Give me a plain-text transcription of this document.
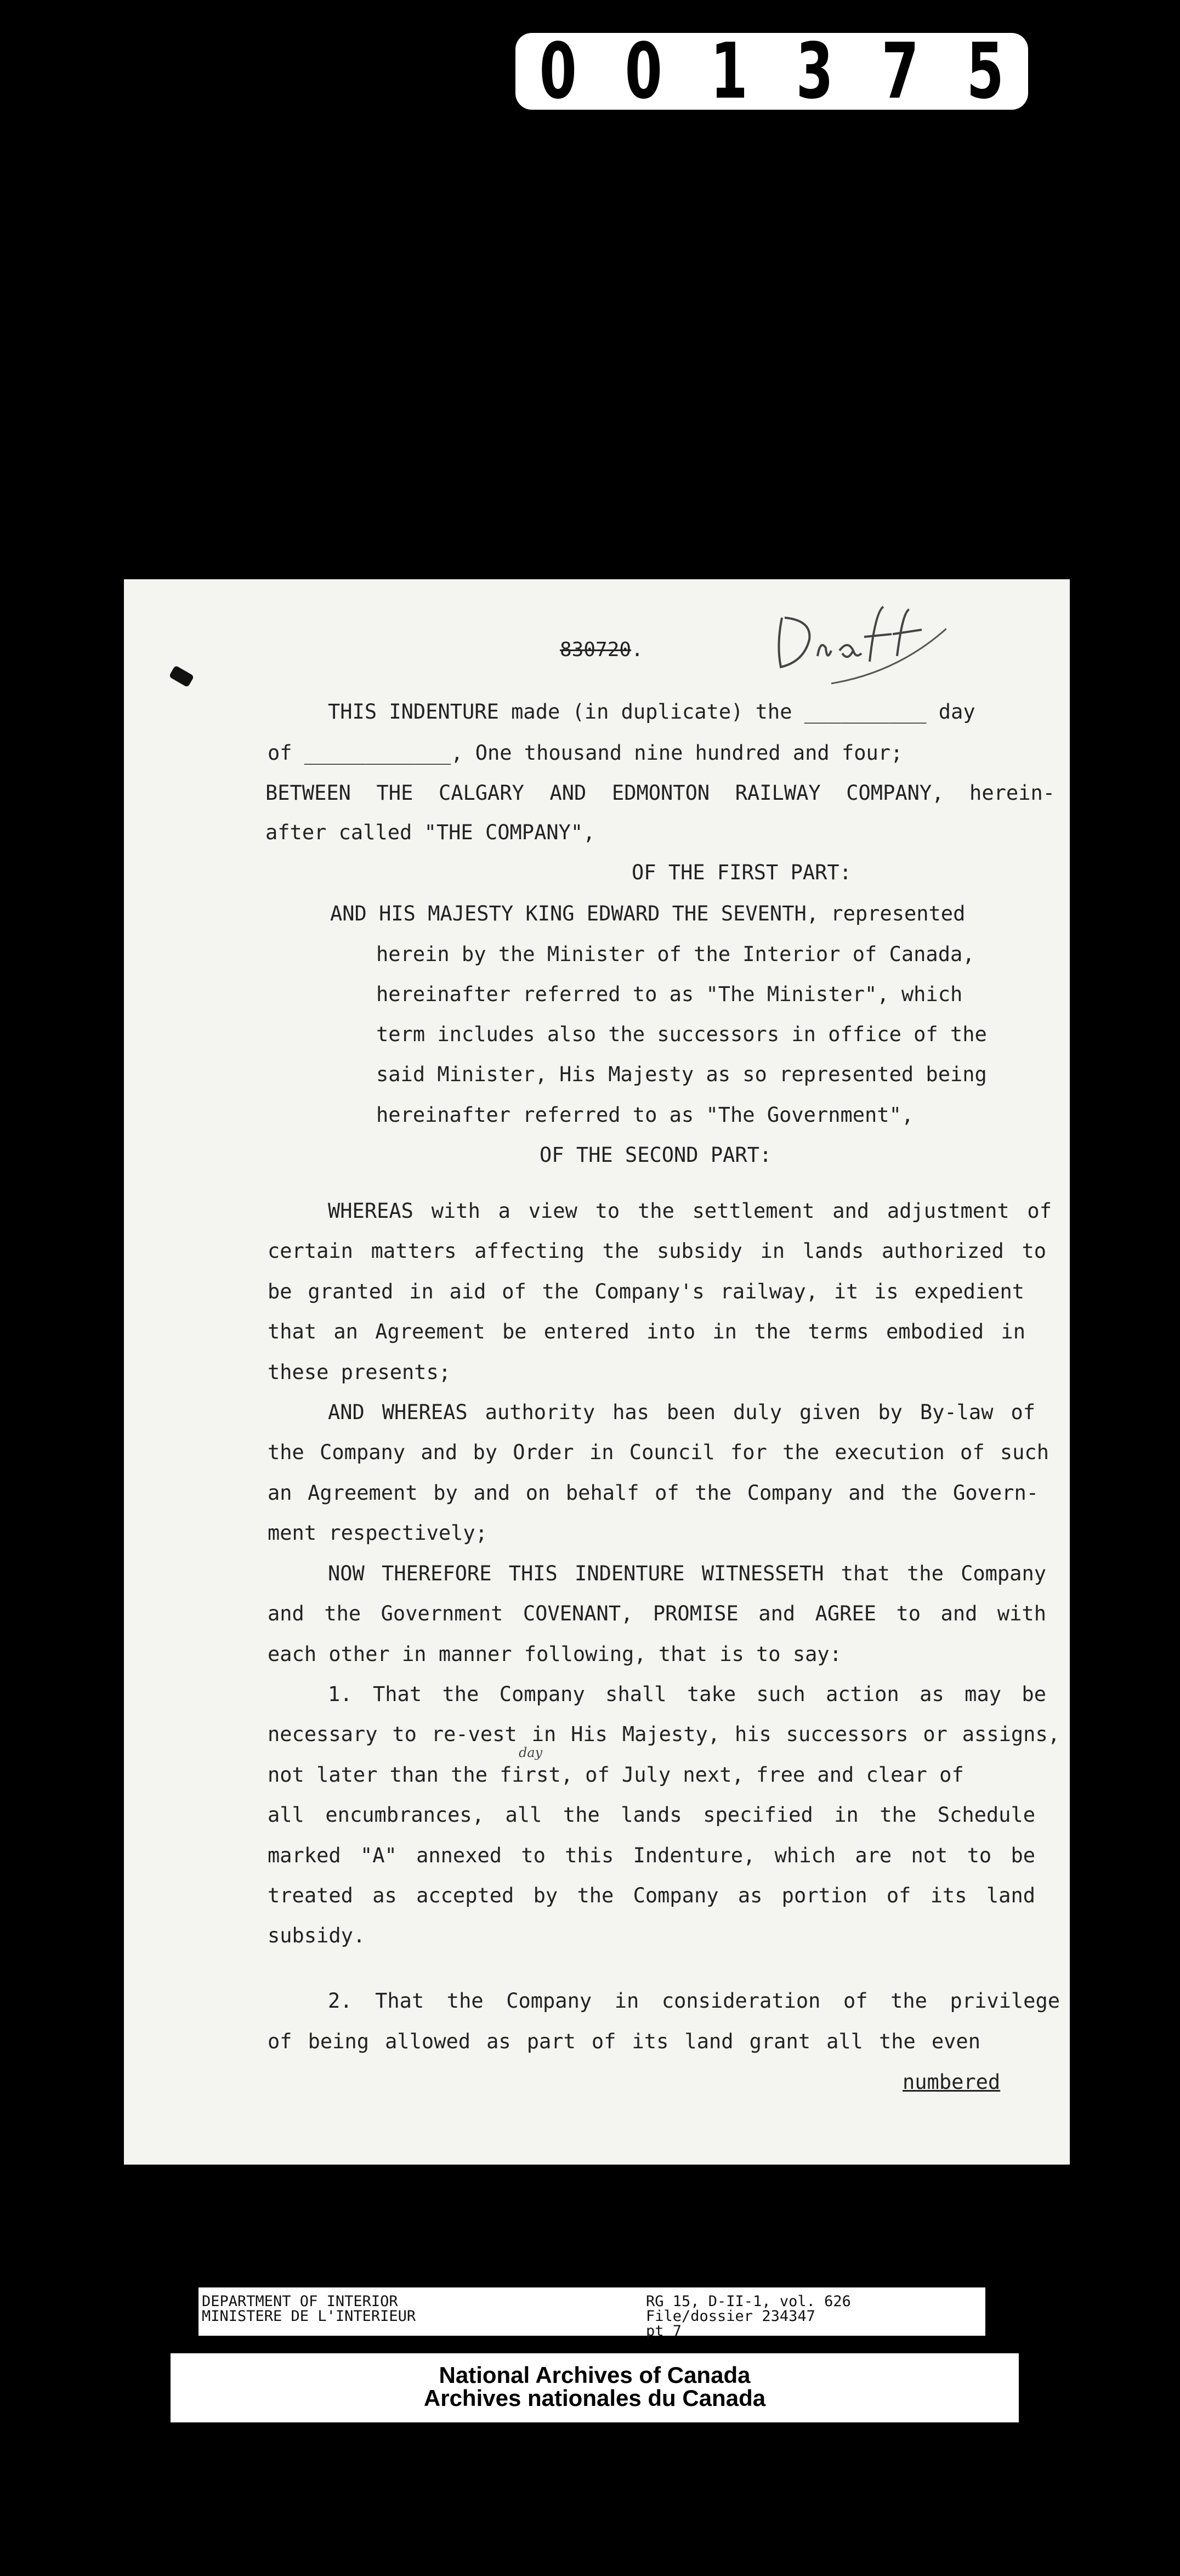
0 0 1 3 7 5
830720.
THIS INDENTURE made (in duplicate) the __________ day
of ____________, One thousand nine hundred and four;
BETWEEN THE CALGARY AND EDMONTON RAILWAY COMPANY, herein-
after called "THE COMPANY",
OF THE FIRST PART:
AND HIS MAJESTY KING EDWARD THE SEVENTH, represented
herein by the Minister of the Interior of Canada,
hereinafter referred to as "The Minister", which
term includes also the successors in office of the
said Minister, His Majesty as so represented being
hereinafter referred to as "The Government",
OF THE SECOND PART:
WHEREAS with a view to the settlement and adjustment of
certain matters affecting the subsidy in lands authorized to
be granted in aid of the Company's railway, it is expedient
that an Agreement be entered into in the terms embodied in
these presents;
AND WHEREAS authority has been duly given by By-law of
the Company and by Order in Council for the execution of such
an Agreement by and on behalf of the Company and the Govern-
ment respectively;
NOW THEREFORE THIS INDENTURE WITNESSETH that the Company
and the Government COVENANT, PROMISE and AGREE to and with
each other in manner following, that is to say:
1. That the Company shall take such action as may be
necessary to re-vest in His Majesty, his successors or assigns,
not later than the first, of July next, free and clear of
day
all encumbrances, all the lands specified in the Schedule
marked "A" annexed to this Indenture, which are not to be
treated as accepted by the Company as portion of its land
subsidy.
2. That the Company in consideration of the privilege
of being allowed as part of its land grant all the even
numbered
DEPARTMENT OF INTERIOR
MINISTERE DE L'INTERIEUR
RG 15, D-II-1, vol. 626
File/dossier 234347
pt 7
National Archives of Canada
Archives nationales du Canada
